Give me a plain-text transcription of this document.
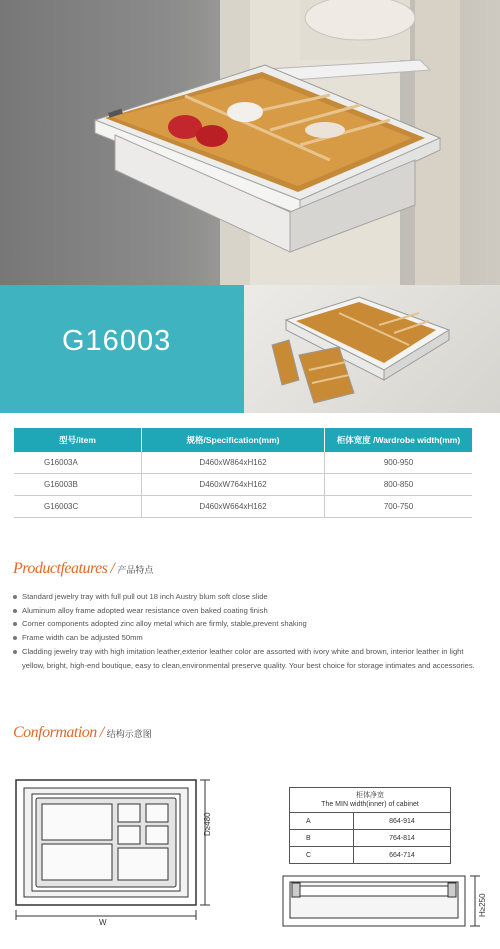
G16003
型号/item	规格/Specification(mm)	柜体宽度 /Wardrobe width(mm)
G16003A	D460xW864xH162	900-950
G16003B	D460xW764xH162	800-850
G16003C	D460xW664xH162	700-750
Productfeatures / 产品特点
Standard jewelry tray with full pull out 18 inch Austry blum soft close slide
Aluminum alloy frame adopted wear resistance oven baked coating finish
Corner components adopted zinc alloy metal which are firmly, stable,prevent shaking
Frame width can be adjusted 50mm
Cladding jewelry tray with high imitation leather,exterior leather color are assorted with ivory white and brown, interior leather in light yellow, bright, high-end boutique, easy to clean,environmental preserve quality. Your best choice for storage intimates and accessories.
Conformation / 结构示意图
D≥480
W
H≥250
柜体净宽
The MIN width(inner) of cabinet	

A	864-914
B	764-814
C	664-714
